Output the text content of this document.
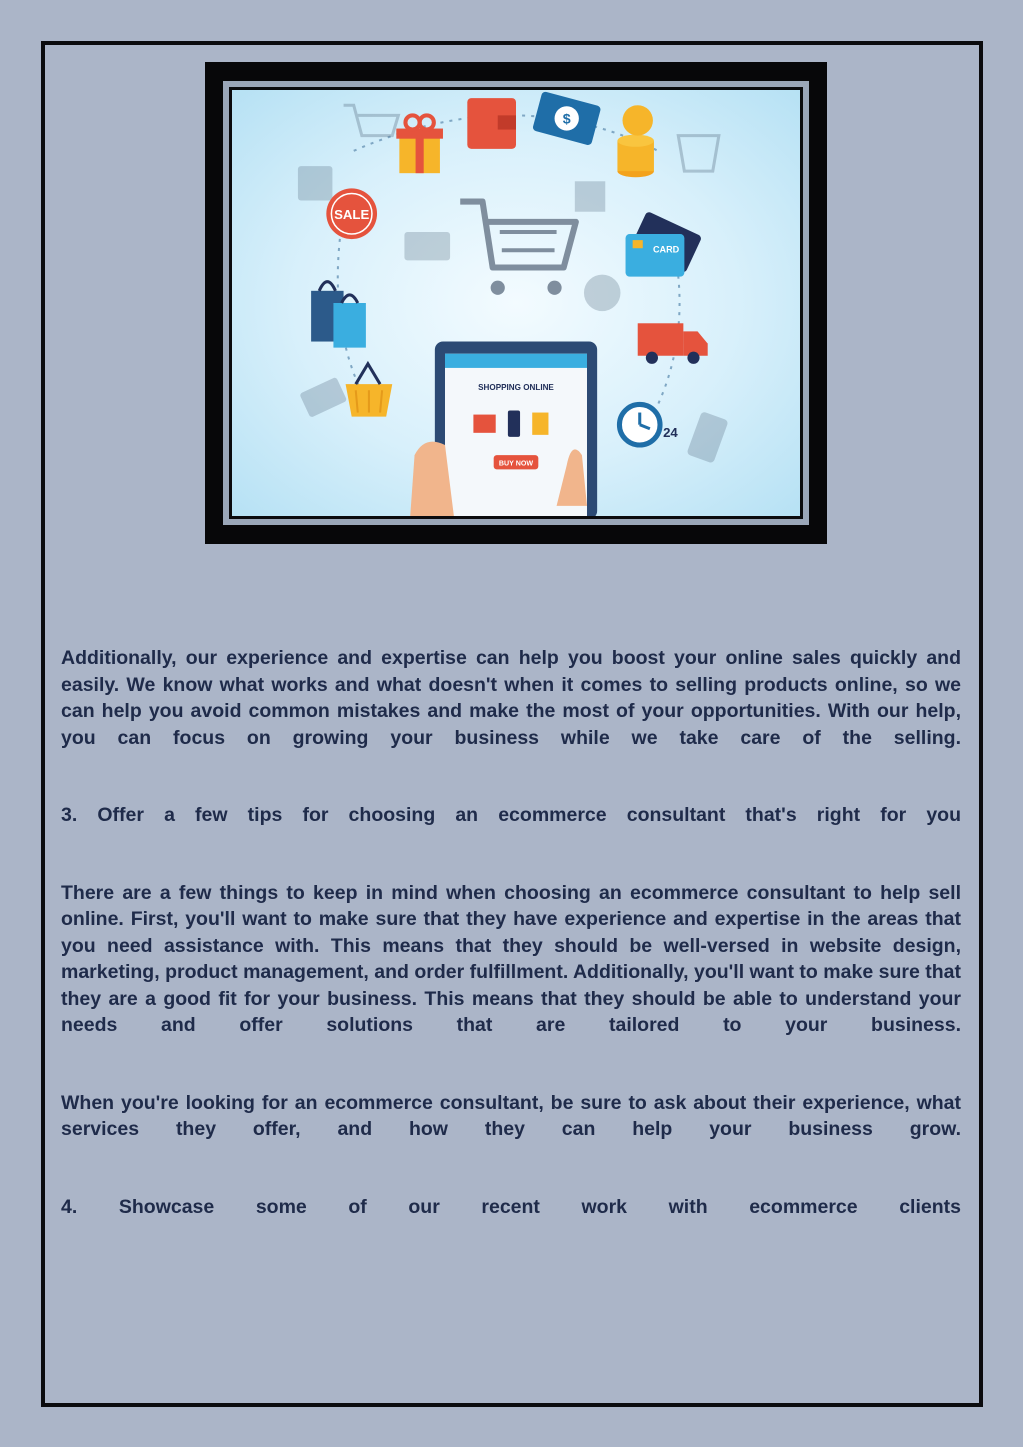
$
SALE
CARD
24
SHOPPING ONLINE
BUY NOW

Additionally, our experience and expertise can help you boost your online sales quickly and easily. We know what works and what doesn't when it comes to selling products online, so we can help you avoid common mistakes and make the most of your opportunities. With our help, you can focus on growing your business while we take care of the selling.

3. Offer a few tips for choosing an ecommerce consultant that's right for you

There are a few things to keep in mind when choosing an ecommerce consultant to help sell online. First, you'll want to make sure that they have experience and expertise in the areas that you need assistance with. This means that they should be well-versed in website design, marketing, product management, and order fulfillment. Additionally, you'll want to make sure that they are a good fit for your business. This means that they should be able to understand your needs and offer solutions that are tailored to your business.

When you're looking for an ecommerce consultant, be sure to ask about their experience, what services they offer, and how they can help your business grow.

4. Showcase some of our recent work with ecommerce clients
